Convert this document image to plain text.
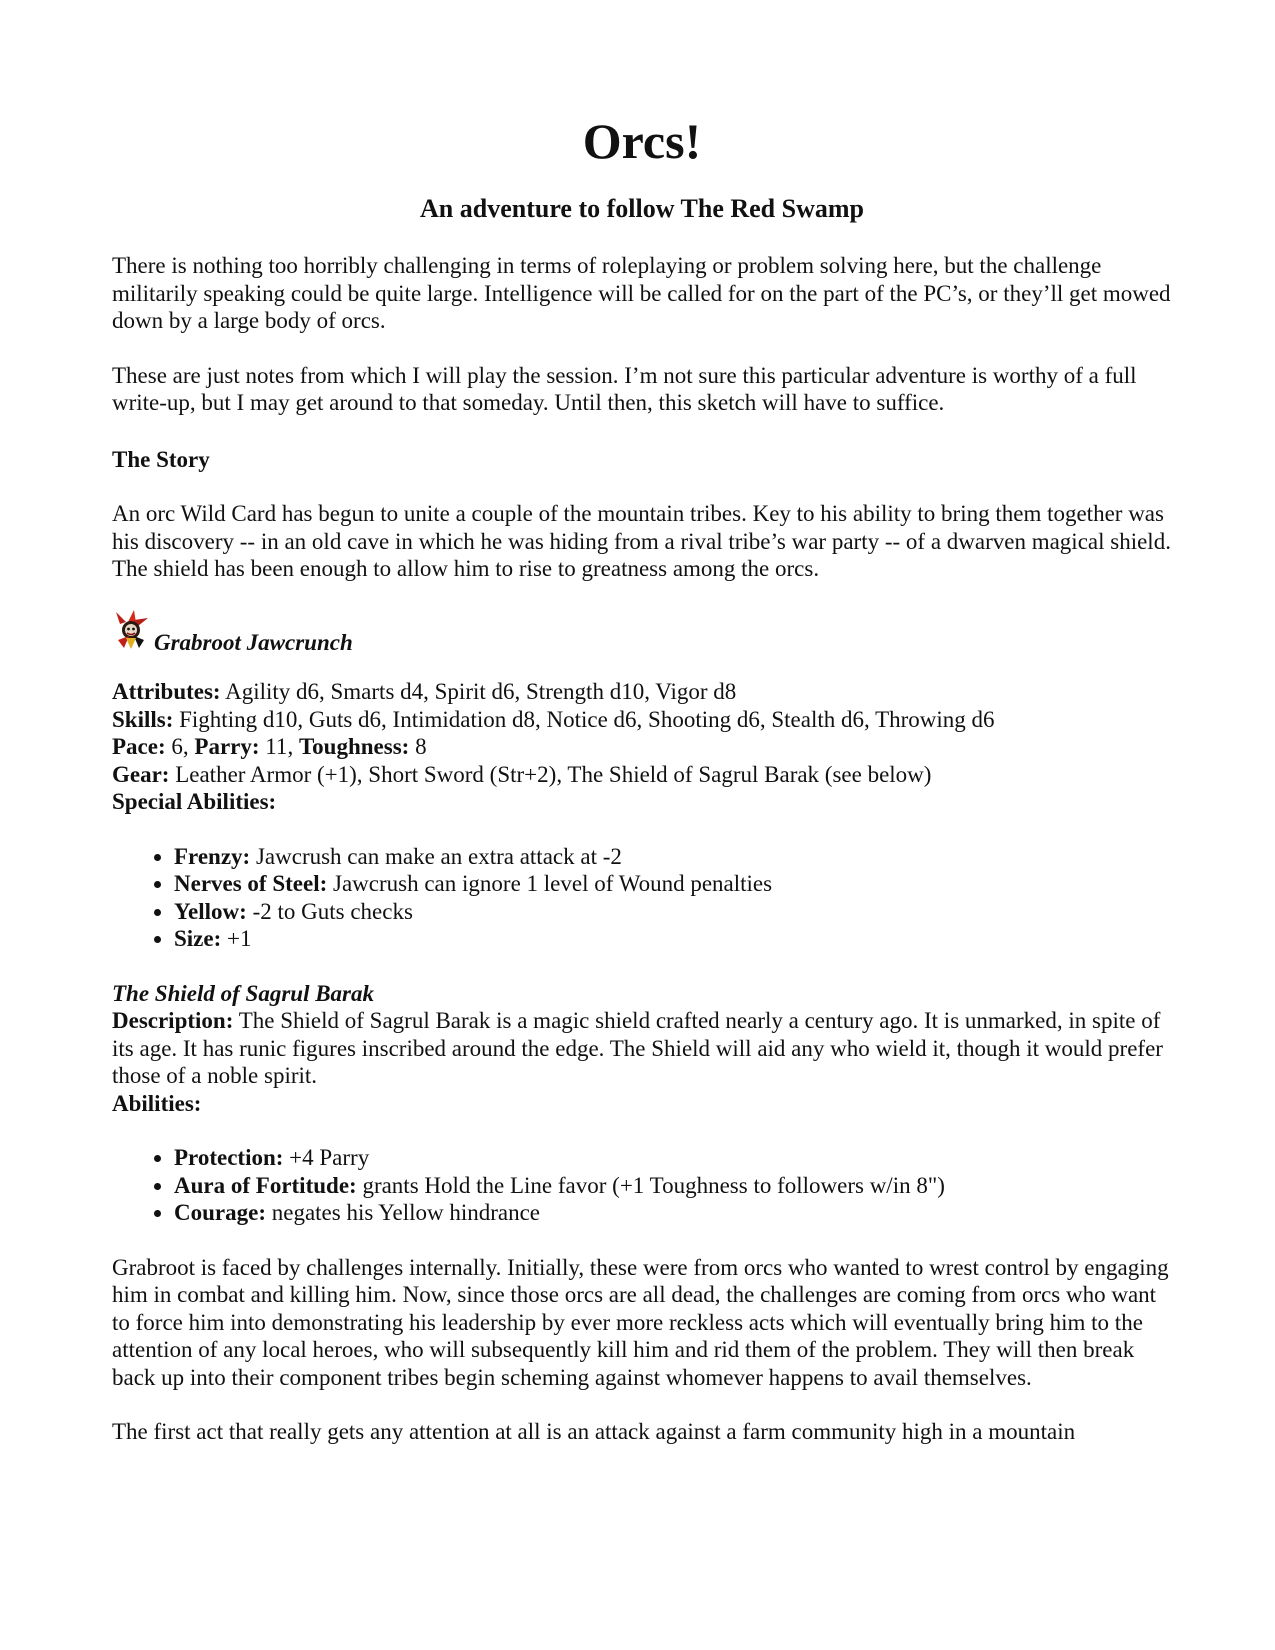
Orcs!
An adventure to follow The Red Swamp

There is nothing too horribly challenging in terms of roleplaying or problem solving here, but the challenge militarily speaking could be quite large. Intelligence will be called for on the part of the PC’s, or they’ll get mowed down by a large body of orcs.

These are just notes from which I will play the session. I’m not sure this particular adventure is worthy of a full write-up, but I may get around to that someday. Until then, this sketch will have to suffice.

The Story

An orc Wild Card has begun to unite a couple of the mountain tribes. Key to his ability to bring them together was his discovery -- in an old cave in which he was hiding from a rival tribe’s war party -- of a dwarven magical shield. The shield has been enough to allow him to rise to greatness among the orcs.

Grabroot Jawcrunch
Attributes: Agility d6, Smarts d4, Spirit d6, Strength d10, Vigor d8
Skills: Fighting d10, Guts d6, Intimidation d8, Notice d6, Shooting d6, Stealth d6, Throwing d6
Pace: 6, Parry: 11, Toughness: 8
Gear: Leather Armor (+1), Short Sword (Str+2), The Shield of Sagrul Barak (see below)
Special Abilities:
• Frenzy: Jawcrush can make an extra attack at -2
• Nerves of Steel: Jawcrush can ignore 1 level of Wound penalties
• Yellow: -2 to Guts checks
• Size: +1

The Shield of Sagrul Barak

Description: The Shield of Sagrul Barak is a magic shield crafted nearly a century ago. It is unmarked, in spite of its age. It has runic figures inscribed around the edge. The Shield will aid any who wield it, though it would prefer those of a noble spirit.

Abilities:

• Protection: +4 Parry
• Aura of Fortitude: grants Hold the Line favor (+1 Toughness to followers w/in 8")
• Courage: negates his Yellow hindrance

Grabroot is faced by challenges internally. Initially, these were from orcs who wanted to wrest control by engaging him in combat and killing him. Now, since those orcs are all dead, the challenges are coming from orcs who want to force him into demonstrating his leadership by ever more reckless acts which will eventually bring him to the attention of any local heroes, who will subsequently kill him and rid them of the problem. They will then break back up into their component tribes begin scheming against whomever happens to avail themselves.

The first act that really gets any attention at all is an attack against a farm community high in a mountain
